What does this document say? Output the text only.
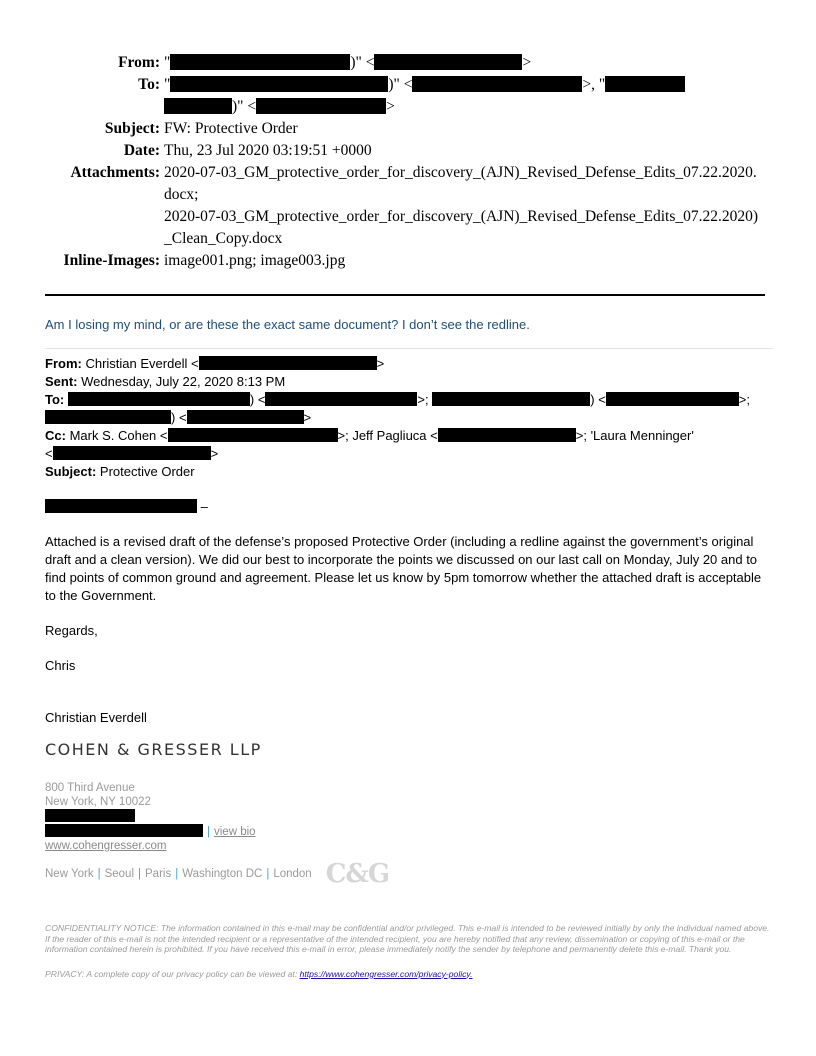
From: "	)" <	>
To: "	)" <	>, "
)" <	>
Subject: FW: Protective Order
Date: Thu, 23 Jul 2020 03:19:51 +0000
Attachments: 2020-07-03_GM_protective_order_for_discovery_(AJN)_Revised_Defense_Edits_07.22.2020.docx;
2020-07-03_GM_protective_order_for_discovery_(AJN)_Revised_Defense_Edits_07.22.2020)_Clean_Copy.docx
Inline-Images: image001.png; image003.jpg

Am I losing my mind, or are these the exact same document? I don’t see the redline.

From: Christian Everdell <	>
Sent: Wednesday, July 22, 2020 8:13 PM
To:	) <	>;	) <	>;
) <	>
Cc: Mark S. Cohen <	>; Jeff Pagliuca <	>; 'Laura Menninger'
<	>
Subject: Protective Order
–

Attached is a revised draft of the defense’s proposed Protective Order (including a redline against the government’s original draft and a clean version). We did our best to incorporate the points we discussed on our last call on Monday, July 20 and to find points of common ground and agreement. Please let us know by 5pm tomorrow whether the attached draft is acceptable to the Government.

Regards,

Chris

Christian Everdell

COHEN & GRESSER LLP
800 Third Avenue
New York, NY 10022
| view bio
www.cohengresser.com
New York | Seoul | Paris | Washington DC | London C&G

CONFIDENTIALITY NOTICE: The information contained in this e-mail may be confidential and/or privileged. This e-mail is intended to be reviewed initially by only the individual named above. If the reader of this e-mail is not the intended recipient or a representative of the intended recipient, you are hereby notified that any review, dissemination or copying of this e-mail or the information contained herein is prohibited. If you have received this e-mail in error, please immediately notify the sender by telephone and permanently delete this e-mail. Thank you.

PRIVACY: A complete copy of our privacy policy can be viewed at: https://www.cohengresser.com/privacy-policy.
